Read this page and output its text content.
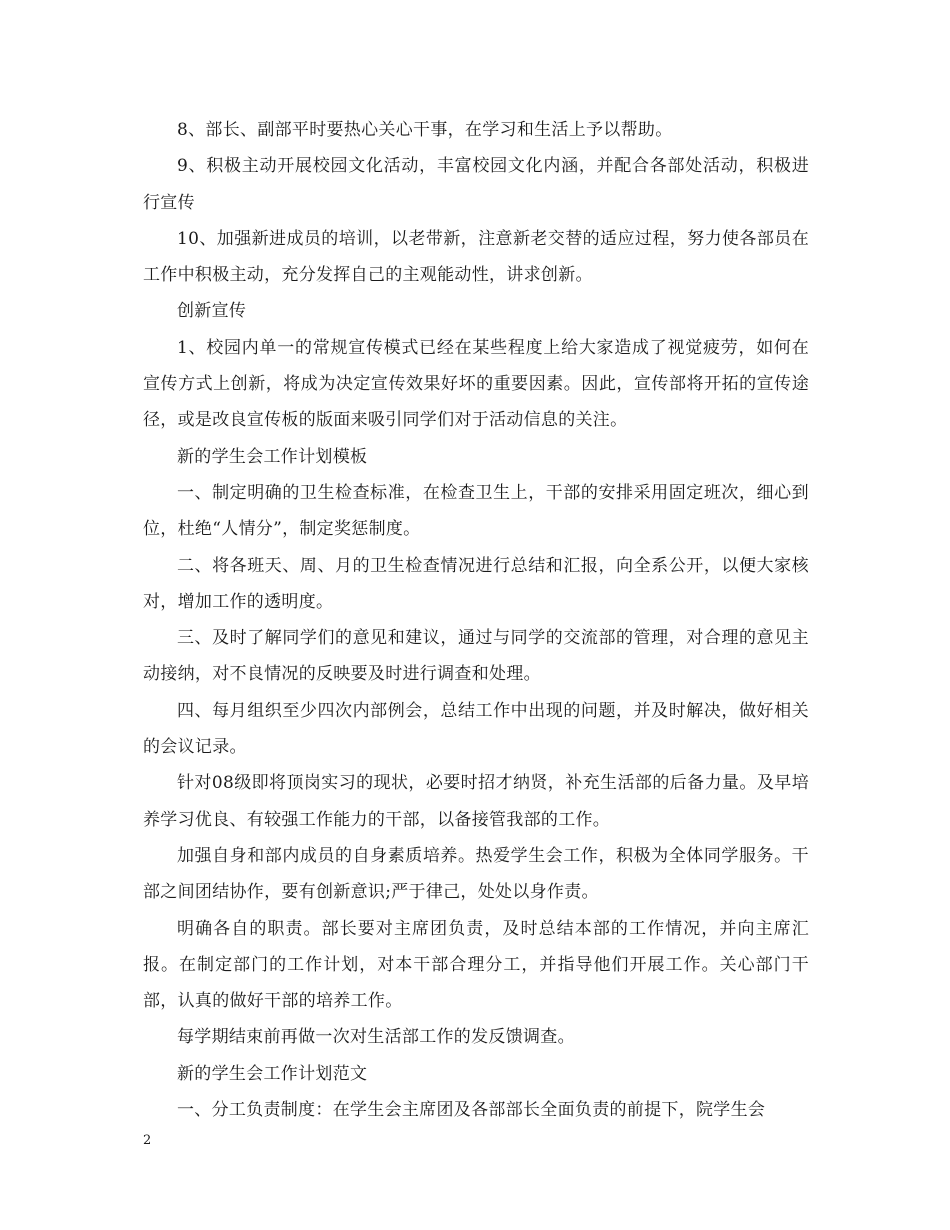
8、部长、副部平时要热心关心干事，在学习和生活上予以帮助。

9、积极主动开展校园文化活动，丰富校园文化内涵，并配合各部处活动，积极进行宣传

10、加强新进成员的培训，以老带新，注意新老交替的适应过程，努力使各部员在工作中积极主动，充分发挥自己的主观能动性，讲求创新。

创新宣传

1、校园内单一的常规宣传模式已经在某些程度上给大家造成了视觉疲劳，如何在宣传方式上创新，将成为决定宣传效果好坏的重要因素。因此，宣传部将开拓的宣传途径，或是改良宣传板的版面来吸引同学们对于活动信息的关注。

新的学生会工作计划模板

一、制定明确的卫生检查标准，在检查卫生上，干部的安排采用固定班次，细心到位，杜绝“人情分”，制定奖惩制度。

二、将各班天、周、月的卫生检查情况进行总结和汇报，向全系公开，以便大家核对，增加工作的透明度。

三、及时了解同学们的意见和建议，通过与同学的交流部的管理，对合理的意见主动接纳，对不良情况的反映要及时进行调查和处理。

四、每月组织至少四次内部例会，总结工作中出现的问题，并及时解决，做好相关的会议记录。

针对08级即将顶岗实习的现状，必要时招才纳贤，补充生活部的后备力量。及早培养学习优良、有较强工作能力的干部，以备接管我部的工作。

加强自身和部内成员的自身素质培养。热爱学生会工作，积极为全体同学服务。干部之间团结协作，要有创新意识;严于律己，处处以身作责。

明确各自的职责。部长要对主席团负责，及时总结本部的工作情况，并向主席汇报。在制定部门的工作计划，对本干部合理分工，并指导他们开展工作。关心部门干部，认真的做好干部的培养工作。

每学期结束前再做一次对生活部工作的发反馈调查。

新的学生会工作计划范文

一、分工负责制度：在学生会主席团及各部部长全面负责的前提下，院学生会

2
